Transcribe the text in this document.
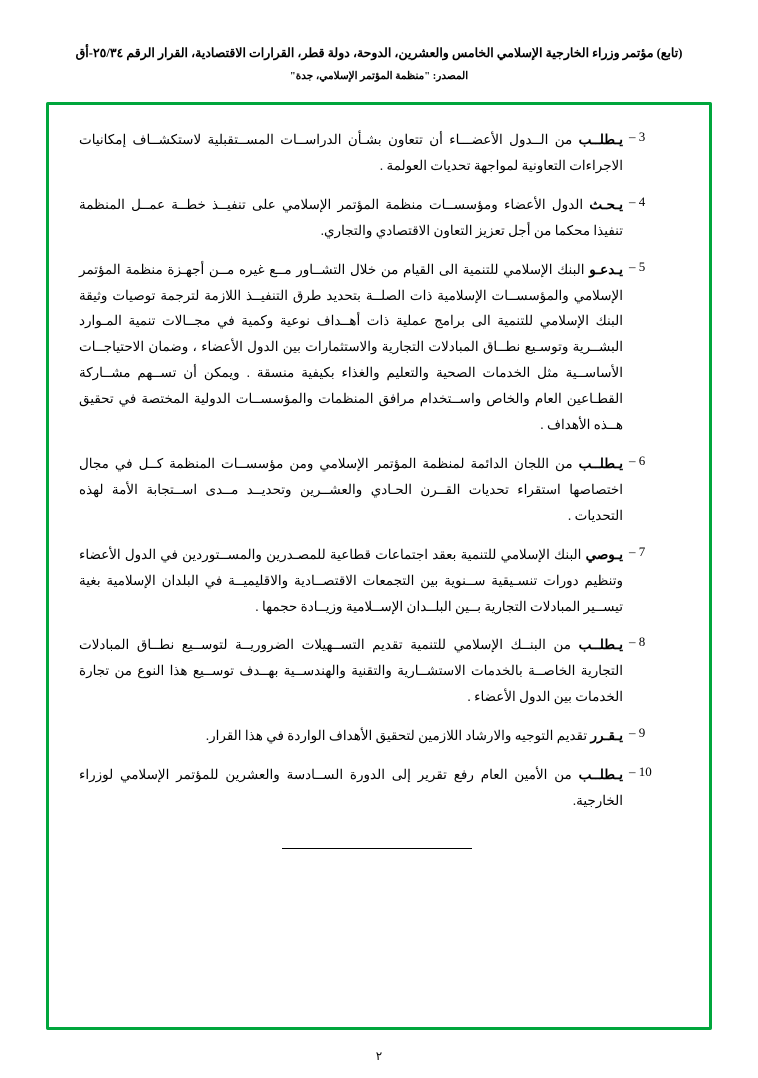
(تابع) مؤتمر وزراء الخارجية الإسلامي الخامس والعشرين، الدوحة، دولة قطر، القرارات الاقتصادية، القرار الرقم ٢٥/٣٤-أق
المصدر: "منظمة المؤتمر الإسلامي، جدة"
3 –
يـطلــب من الــدول الأعضـــاء أن تتعاون بشـأن الدراســات المســتقبلية لاستكشــاف إمكانيات الاجراءات التعاونية لمواجهة تحديات العولمة .
4 –
يـحـث الدول الأعضاء ومؤسســات منظمة المؤتمر الإسلامي على تنفيــذ خطــة عمــل المنظمة تنفيذا محكما من أجل تعزيز التعاون الاقتصادي والتجاري.
5 –
يـدعـو البنك الإسلامي للتنمية الى القيام من خلال التشــاور مــع غيره مــن أجهـزة منظمة المؤتمر الإسلامي والمؤسســات الإسلامية ذات الصلــة بتحديد طرق التنفيــذ اللازمة لترجمة توصيات وثيقة البنك الإسلامي للتنمية الى برامج عملية ذات أهــداف نوعية وكمية في مجــالات تنمية المـوارد البشــرية وتوسـيع نطــاق المبادلات التجارية والاستثمارات بين الدول الأعضاء ، وضمان الاحتياجــات الأساســية مثل الخدمات الصحية والتعليم والغذاء بكيفية منسقة . ويمكن أن تســهم مشــاركة القطـاعين العام والخاص واســتخدام مرافق المنظمات والمؤسســات الدولية المختصة في تحقيق هــذه الأهداف .
6 –
يـطلــب من اللجان الدائمة لمنظمة المؤتمر الإسلامي ومن مؤسســات المنظمة كــل في مجال اختصاصها استقراء تحديات القــرن الحـادي والعشــرين وتحديــد مــدى اســتجابة الأمة لهذه التحديات .
7 –
يـوصي البنك الإسلامي للتنمية بعقد اجتماعات قطاعية للمصـدرين والمســتوردين في الدول الأعضاء وتنظيم دورات تنسـيقية ســنوية بين التجمعات الاقتصــادية والاقليميــة في البلدان الإسلامية بغية تيســير المبادلات التجارية بــين البلــدان الإســلامية وزيــادة حجمها .
8 –
يـطلــب من البنــك الإسلامي للتنمية تقديم التســهيلات الضروريــة لتوســيع نطــاق المبادلات التجارية الخاصــة بالخدمات الاستشــارية والتقنية والهندســية بهــدف توســيع هذا النوع من تجارة الخدمات بين الدول الأعضاء .
9 –
يـقـرر تقديم التوجيه والارشاد اللازمين لتحقيق الأهداف الواردة في هذا القرار.
10 –
يـطلــب من الأمين العام رفع تقرير إلى الدورة الســادسة والعشرين للمؤتمر الإسلامي لوزراء الخارجية.
٢
